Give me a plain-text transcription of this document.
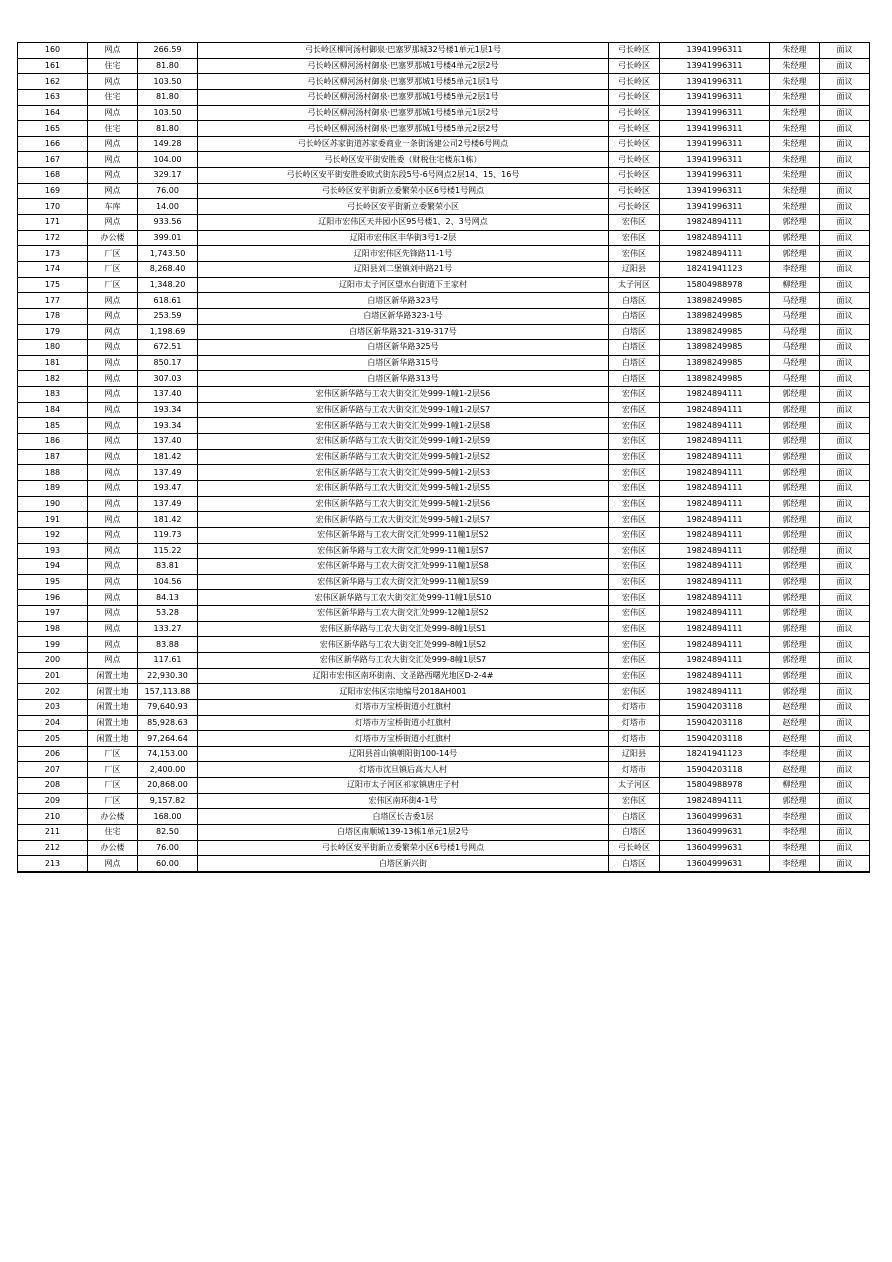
160	网点	266.59	弓长岭区柳河汤村御泉·巴塞罗那城32号楼1单元1层1号	弓长岭区	13941996311	朱经理	面议
161	住宅	81.80	弓长岭区柳河汤村御泉·巴塞罗那城1号楼4单元2层2号	弓长岭区	13941996311	朱经理	面议
162	网点	103.50	弓长岭区柳河汤村御泉·巴塞罗那城1号楼5单元1层1号	弓长岭区	13941996311	朱经理	面议
163	住宅	81.80	弓长岭区柳河汤村御泉·巴塞罗那城1号楼5单元2层1号	弓长岭区	13941996311	朱经理	面议
164	网点	103.50	弓长岭区柳河汤村御泉·巴塞罗那城1号楼5单元1层2号	弓长岭区	13941996311	朱经理	面议
165	住宅	81.80	弓长岭区柳河汤村御泉·巴塞罗那城1号楼5单元2层2号	弓长岭区	13941996311	朱经理	面议
166	网点	149.28	弓长岭区苏家街道苏家委商业一条街汤建公司2号楼6号网点	弓长岭区	13941996311	朱经理	面议
167	网点	104.00	弓长岭区安平街安胜委（财税住宅楼东1栋）	弓长岭区	13941996311	朱经理	面议
168	网点	329.17	弓长岭区安平街安胜委欧式街东段5号-6号网点2层14、15、16号	弓长岭区	13941996311	朱经理	面议
169	网点	76.00	弓长岭区安平街新立委繁荣小区6号楼1号网点	弓长岭区	13941996311	朱经理	面议
170	车库	14.00	弓长岭区安平街新立委繁荣小区	弓长岭区	13941996311	朱经理	面议
171	网点	933.56	辽阳市宏伟区天井园小区95号楼1、2、3号网点	宏伟区	19824894111	郭经理	面议
172	办公楼	399.01	辽阳市宏伟区丰华街3号1-2层	宏伟区	19824894111	郭经理	面议
173	厂区	1,743.50	辽阳市宏伟区先锋路11-1号	宏伟区	19824894111	郭经理	面议
174	厂区	8,268.40	辽阳县刘二堡镇刘中路21号	辽阳县	18241941123	李经理	面议
175	厂区	1,348.20	辽阳市太子河区望水台街道下王家村	太子河区	15804988978	柳经理	面议
177	网点	618.61	白塔区新华路323号	白塔区	13898249985	马经理	面议
178	网点	253.59	白塔区新华路323-1号	白塔区	13898249985	马经理	面议
179	网点	1,198.69	白塔区新华路321-319-317号	白塔区	13898249985	马经理	面议
180	网点	672.51	白塔区新华路325号	白塔区	13898249985	马经理	面议
181	网点	850.17	白塔区新华路315号	白塔区	13898249985	马经理	面议
182	网点	307.03	白塔区新华路313号	白塔区	13898249985	马经理	面议
183	网点	137.40	宏伟区新华路与工农大街交汇处999-1幢1-2层S6	宏伟区	19824894111	郭经理	面议
184	网点	193.34	宏伟区新华路与工农大街交汇处999-1幢1-2层S7	宏伟区	19824894111	郭经理	面议
185	网点	193.34	宏伟区新华路与工农大街交汇处999-1幢1-2层S8	宏伟区	19824894111	郭经理	面议
186	网点	137.40	宏伟区新华路与工农大街交汇处999-1幢1-2层S9	宏伟区	19824894111	郭经理	面议
187	网点	181.42	宏伟区新华路与工农大街交汇处999-5幢1-2层S2	宏伟区	19824894111	郭经理	面议
188	网点	137.49	宏伟区新华路与工农大街交汇处999-5幢1-2层S3	宏伟区	19824894111	郭经理	面议
189	网点	193.47	宏伟区新华路与工农大街交汇处999-5幢1-2层S5	宏伟区	19824894111	郭经理	面议
190	网点	137.49	宏伟区新华路与工农大街交汇处999-5幢1-2层S6	宏伟区	19824894111	郭经理	面议
191	网点	181.42	宏伟区新华路与工农大街交汇处999-5幢1-2层S7	宏伟区	19824894111	郭经理	面议
192	网点	119.73	宏伟区新华路与工农大街交汇处999-11幢1层S2	宏伟区	19824894111	郭经理	面议
193	网点	115.22	宏伟区新华路与工农大街交汇处999-11幢1层S7	宏伟区	19824894111	郭经理	面议
194	网点	83.81	宏伟区新华路与工农大街交汇处999-11幢1层S8	宏伟区	19824894111	郭经理	面议
195	网点	104.56	宏伟区新华路与工农大街交汇处999-11幢1层S9	宏伟区	19824894111	郭经理	面议
196	网点	84.13	宏伟区新华路与工农大街交汇处999-11幢1层S10	宏伟区	19824894111	郭经理	面议
197	网点	53.28	宏伟区新华路与工农大街交汇处999-12幢1层S2	宏伟区	19824894111	郭经理	面议
198	网点	133.27	宏伟区新华路与工农大街交汇处999-8幢1层S1	宏伟区	19824894111	郭经理	面议
199	网点	83.88	宏伟区新华路与工农大街交汇处999-8幢1层S2	宏伟区	19824894111	郭经理	面议
200	网点	117.61	宏伟区新华路与工农大街交汇处999-8幢1层S7	宏伟区	19824894111	郭经理	面议
201	闲置土地	22,930.30	辽阳市宏伟区南环街南、文圣路西曙光地区D-2-4#	宏伟区	19824894111	郭经理	面议
202	闲置土地	157,113.88	辽阳市宏伟区宗地编号2018AH001	宏伟区	19824894111	郭经理	面议
203	闲置土地	79,640.93	灯塔市万宝桥街道小红旗村	灯塔市	15904203118	赵经理	面议
204	闲置土地	85,928.63	灯塔市万宝桥街道小红旗村	灯塔市	15904203118	赵经理	面议
205	闲置土地	97,264.64	灯塔市万宝桥街道小红旗村	灯塔市	15904203118	赵经理	面议
206	厂区	74,153.00	辽阳县首山镇朝阳街100-14号	辽阳县	18241941123	李经理	面议
207	厂区	2,400.00	灯塔市沈旦镇后高大人村	灯塔市	15904203118	赵经理	面议
208	厂区	20,868.00	辽阳市太子河区祁家镇唐庄子村	太子河区	15804988978	柳经理	面议
209	厂区	9,157.82	宏伟区南环街4-1号	宏伟区	19824894111	郭经理	面议
210	办公楼	168.00	白塔区长吉委1层	白塔区	13604999631	李经理	面议
211	住宅	82.50	白塔区南顺城139-13栋1单元1层2号	白塔区	13604999631	李经理	面议
212	办公楼	76.00	弓长岭区安平街新立委繁荣小区6号楼1号网点	弓长岭区	13604999631	李经理	面议
213	网点	60.00	白塔区新兴街	白塔区	13604999631	李经理	面议
